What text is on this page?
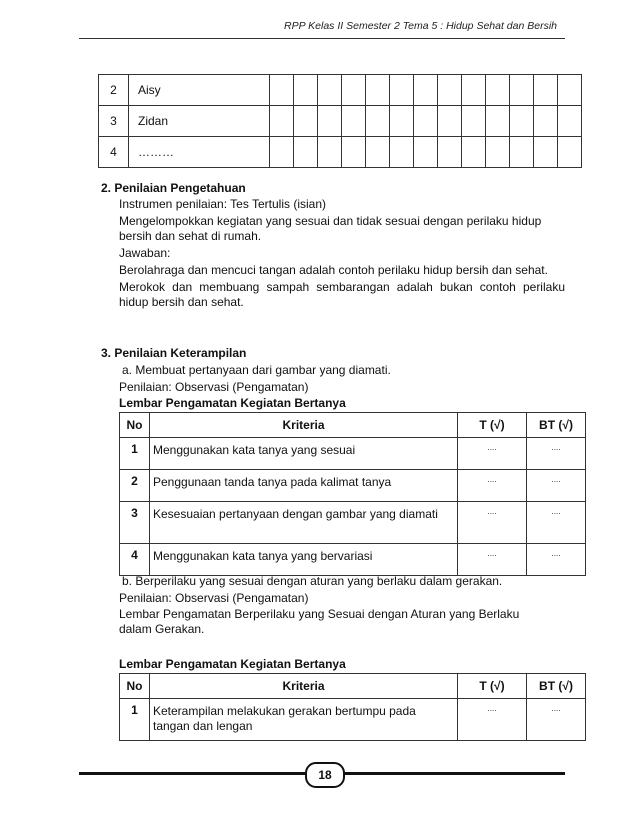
RPP Kelas II Semester 2 Tema 5 : Hidup Sehat dan Bersih
2	Aisy													
3	Zidan													
4	………													
2. Penilaian Pengetahuan
Instrumen penilaian: Tes Tertulis (isian)
Mengelompokkan kegiatan yang sesuai dan tidak sesuai dengan perilaku hidup bersih dan sehat di rumah.
Jawaban:
Berolahraga dan mencuci tangan adalah contoh perilaku hidup bersih dan sehat.
Merokok dan membuang sampah sembarangan adalah bukan contoh perilaku hidup bersih dan sehat.
3. Penilaian Keterampilan
a. Membuat pertanyaan dari gambar yang diamati.
Penilaian: Observasi (Pengamatan)
Lembar Pengamatan Kegiatan Bertanya
No	Kriteria	T (√)	BT (√)
1	Menggunakan kata tanya yang sesuai	....	....
2	Penggunaan tanda tanya pada kalimat tanya	....	....
3	Kesesuaian pertanyaan dengan gambar yang diamati	....	....
4	Menggunakan kata tanya yang bervariasi	....	....
b. Berperilaku yang sesuai dengan aturan yang berlaku dalam gerakan.
Penilaian: Observasi (Pengamatan)
Lembar Pengamatan Berperilaku yang Sesuai dengan Aturan yang Berlaku dalam Gerakan.
Lembar Pengamatan Kegiatan Bertanya
No	Kriteria	T (√)	BT (√)
1	Keterampilan melakukan gerakan bertumpu pada tangan dan lengan	....	....
18
